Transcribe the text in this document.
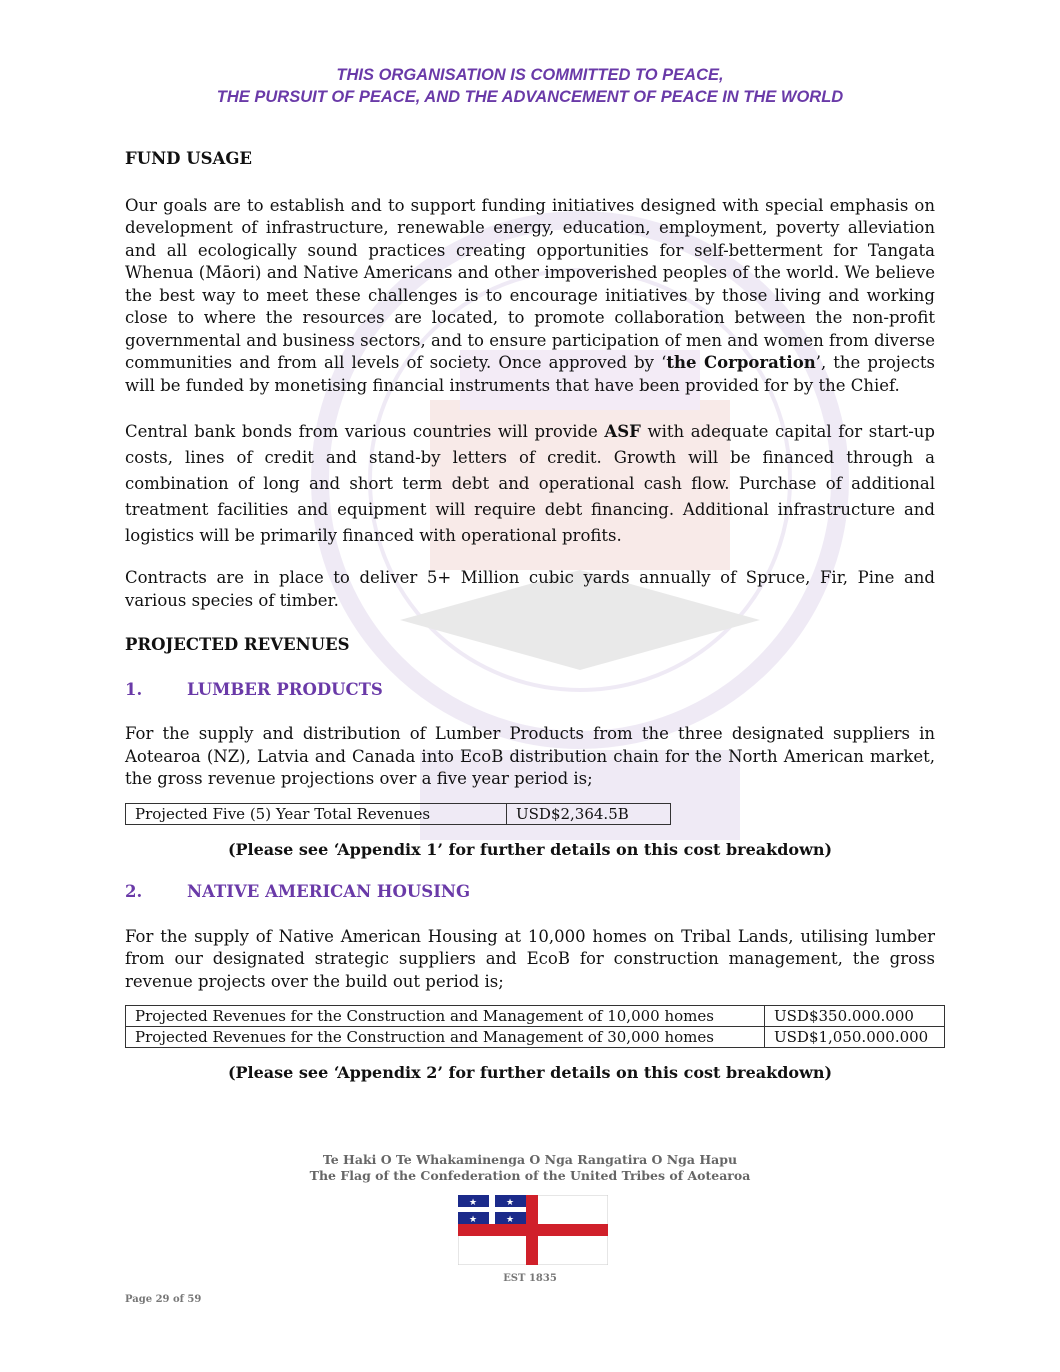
THIS ORGANISATION IS COMMITTED TO PEACE,
THE PURSUIT OF PEACE, AND THE ADVANCEMENT OF PEACE IN THE WORLD
FUND USAGE

Our goals are to establish and to support funding initiatives designed with special emphasis on development of infrastructure, renewable energy, education, employment, poverty alleviation and all ecologically sound practices creating opportunities for self-betterment for Tangata Whenua (Māori) and Native Americans and other impoverished peoples of the world. We believe the best way to meet these challenges is to encourage initiatives by those living and working close to where the resources are located, to promote collaboration between the non-profit governmental and business sectors, and to ensure participation of men and women from diverse communities and from all levels of society. Once approved by ‘the Corporation’, the projects will be funded by monetising financial instruments that have been provided for by the Chief.

Central bank bonds from various countries will provide ASF with adequate capital for start-up costs, lines of credit and stand-by letters of credit. Growth will be financed through a combination of long and short term debt and operational cash flow. Purchase of additional treatment facilities and equipment will require debt financing. Additional infrastructure and logistics will be primarily financed with operational profits.

Contracts are in place to deliver 5+ Million cubic yards annually of Spruce, Fir, Pine and various species of timber.

PROJECTED REVENUES
1.	LUMBER PRODUCTS

For the supply and distribution of Lumber Products from the three designated suppliers in Aotearoa (NZ), Latvia and Canada into EcoB distribution chain for the North American market, the gross revenue projections over a five year period is;

Projected Five (5) Year Total Revenues	USD$2,364.5B
(Please see ‘Appendix 1’ for further details on this cost breakdown)
2.	NATIVE AMERICAN HOUSING

For the supply of Native American Housing at 10,000 homes on Tribal Lands, utilising lumber from our designated strategic suppliers and EcoB for construction management, the gross revenue projects over the build out period is;

Projected Revenues for the Construction and Management of 10,000 homes	USD$350.000.000
Projected Revenues for the Construction and Management of 30,000 homes	USD$1,050.000.000
(Please see ‘Appendix 2’ for further details on this cost breakdown)
Te Haki O Te Whakaminenga O Nga Rangatira O Nga Hapu
The Flag of the Confederation of the United Tribes of Aotearoa
★	★
★	★
EST 1835
Page 29 of 59
